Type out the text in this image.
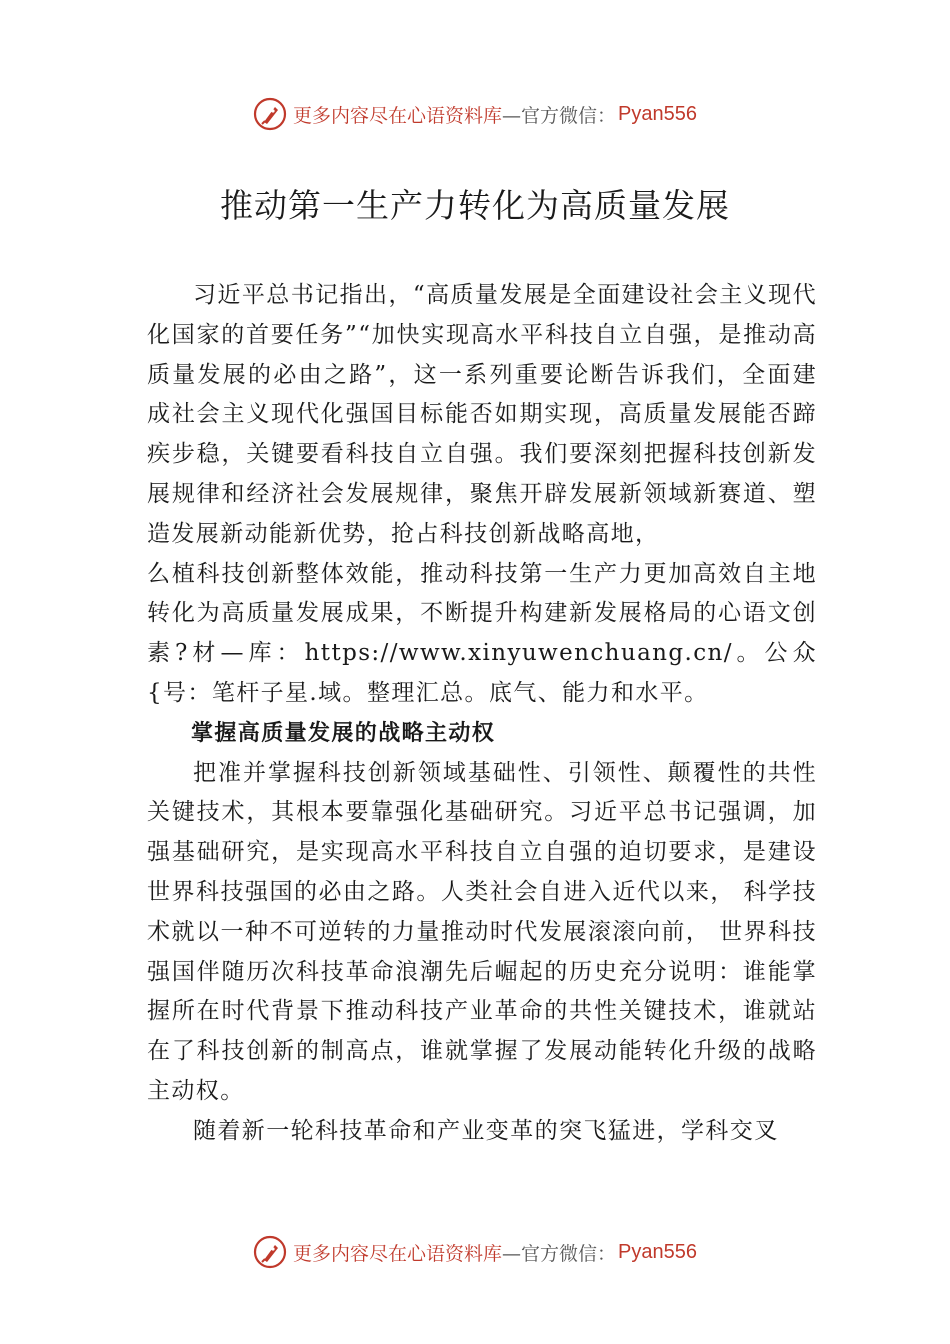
更多内容尽在心语资料库 —官方微信： Pyan556
推动第一生产力转化为高质量发展

习近平总书记指出，“高质量发展是全面建设社会主义现代化国家的首要任务”“加快实现高水平科技自立自强，是推动高质量发展的必由之路”，这一系列重要论断告诉我们，全面建成社会主义现代化强国目标能否如期实现，高质量发展能否蹄疾步稳，关键要看科技自立自强。我们要深刻把握科技创新发展规律和经济社会发展规律，聚焦开辟发展新领域新赛道、塑造发展新动能新优势，抢占科技创新战略高地，
么植科技创新整体效能，推动科技第一生产力更加高效自主地转化为高质量发展成果，不断提升构建新发展格局的心语文创素?材—库：https://www.xinyuwenchuang.cn/。公众{号：笔杆子星.域。整理汇总。底气、能力和水平。

掌握高质量发展的战略主动权

把准并掌握科技创新领域基础性、引领性、颠覆性的共性关键技术，其根本要靠强化基础研究。习近平总书记强调，加强基础研究，是实现高水平科技自立自强的迫切要求，是建设世界科技强国的必由之路。人类社会自进入近代以来， 科学技术就以一种不可逆转的力量推动时代发展滚滚向前， 世界科技强国伴随历次科技革命浪潮先后崛起的历史充分说明：谁能掌握所在时代背景下推动科技产业革命的共性关键技术，谁就站在了科技创新的制高点，谁就掌握了发展动能转化升级的战略主动权。

随着新一轮科技革命和产业变革的突飞猛进，学科交叉

更多内容尽在心语资料库 —官方微信： Pyan556
